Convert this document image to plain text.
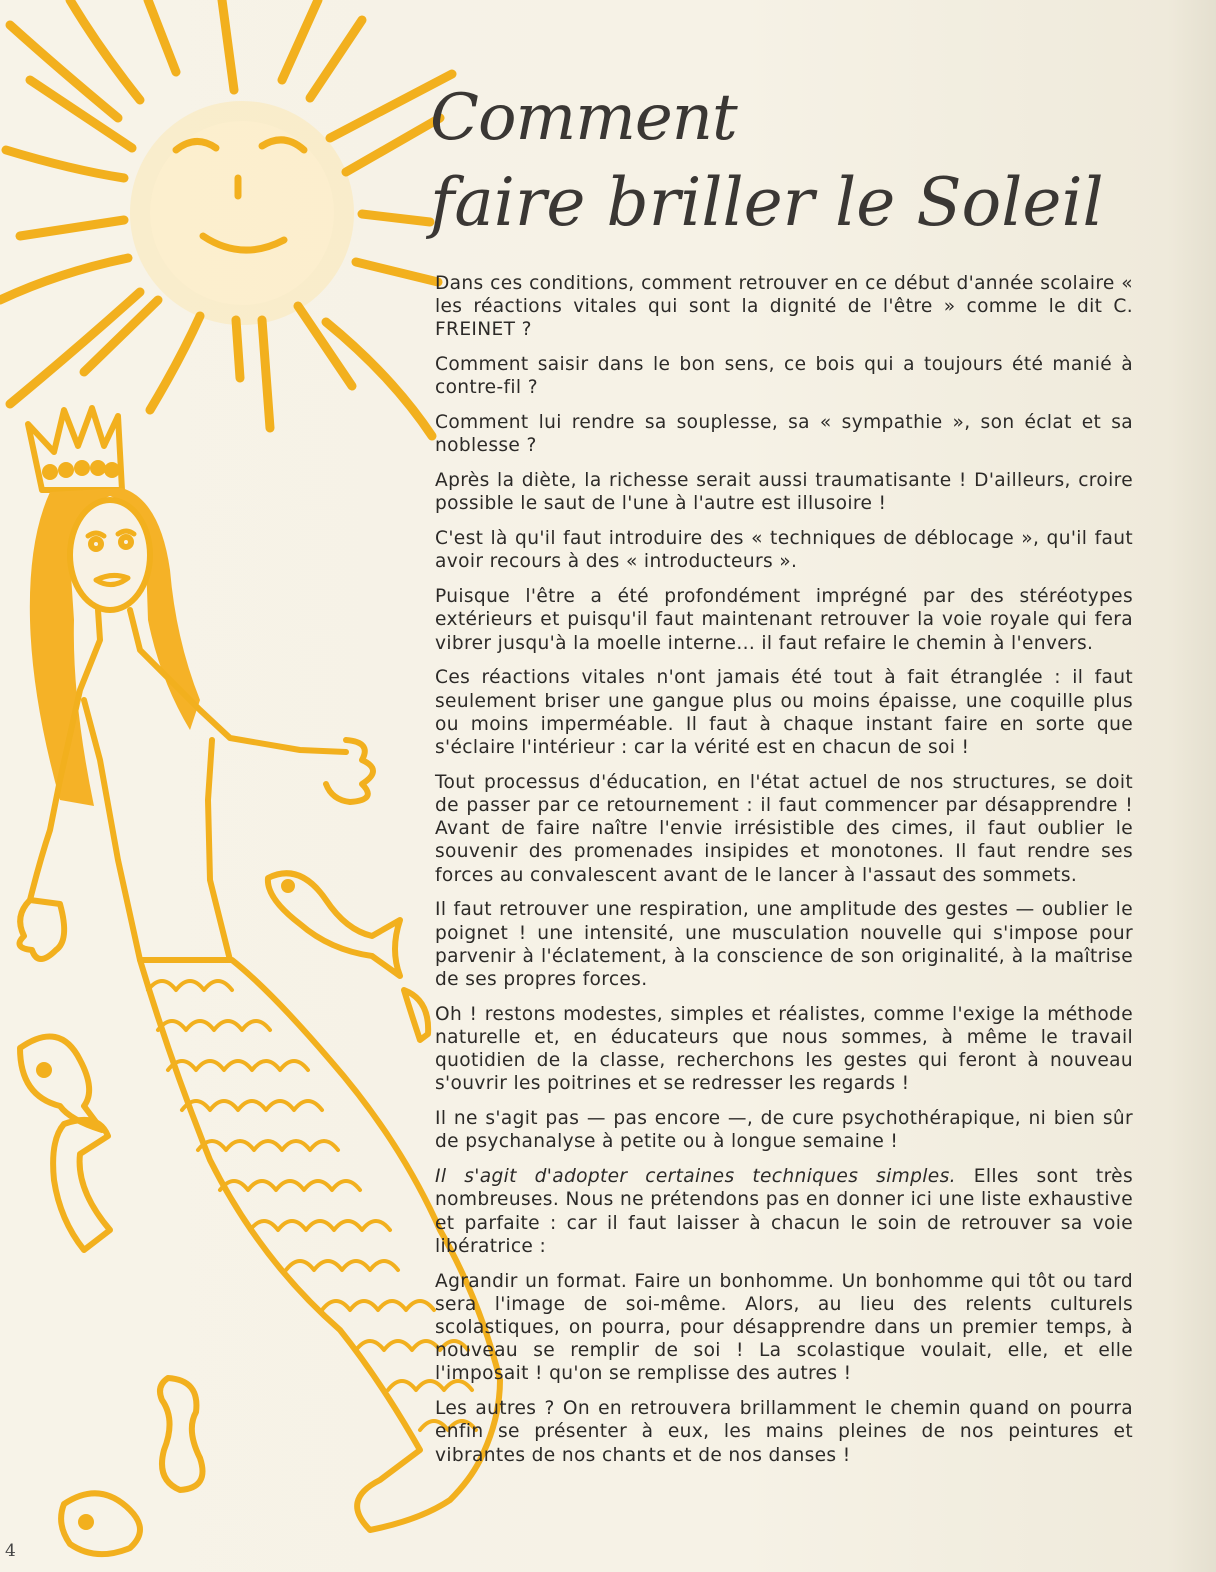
Comment
faire briller le Soleil

Dans ces conditions, comment retrouver en ce début d'année scolaire « les réactions vitales qui sont la dignité de l'être » comme le dit C. FREINET ?

Comment saisir dans le bon sens, ce bois qui a toujours été manié à contre-fil ?

Comment lui rendre sa souplesse, sa « sympathie », son éclat et sa noblesse ?

Après la diète, la richesse serait aussi traumatisante ! D'ailleurs, croire possible le saut de l'une à l'autre est illusoire !

C'est là qu'il faut introduire des « techniques de déblocage », qu'il faut avoir recours à des « introducteurs ».

Puisque l'être a été profondément imprégné par des stéréotypes extérieurs et puisqu'il faut maintenant retrouver la voie royale qui fera vibrer jusqu'à la moelle interne... il faut refaire le chemin à l'envers.

Ces réactions vitales n'ont jamais été tout à fait étranglée : il faut seulement briser une gangue plus ou moins épaisse, une coquille plus ou moins imperméable. Il faut à chaque instant faire en sorte que s'éclaire l'intérieur : car la vérité est en chacun de soi !

Tout processus d'éducation, en l'état actuel de nos structures, se doit de passer par ce retournement : il faut commencer par désapprendre ! Avant de faire naître l'envie irrésistible des cimes, il faut oublier le souvenir des promenades insipides et monotones. Il faut rendre ses forces au convalescent avant de le lancer à l'assaut des sommets.

Il faut retrouver une respiration, une amplitude des gestes — oublier le poignet ! une intensité, une musculation nouvelle qui s'impose pour parvenir à l'éclatement, à la conscience de son originalité, à la maîtrise de ses propres forces.

Oh ! restons modestes, simples et réalistes, comme l'exige la méthode naturelle et, en éducateurs que nous sommes, à même le travail quotidien de la classe, recherchons les gestes qui feront à nouveau s'ouvrir les poitrines et se redresser les regards !

Il ne s'agit pas — pas encore —, de cure psychothérapique, ni bien sûr de psychanalyse à petite ou à longue semaine !

Il s'agit d'adopter certaines techniques simples. Elles sont très nombreuses. Nous ne prétendons pas en donner ici une liste exhaustive et parfaite : car il faut laisser à chacun le soin de retrouver sa voie libératrice :

Agrandir un format. Faire un bonhomme. Un bonhomme qui tôt ou tard sera l'image de soi-même. Alors, au lieu des relents culturels scolastiques, on pourra, pour désapprendre dans un premier temps, à nouveau se remplir de soi ! La scolastique voulait, elle, et elle l'imposait ! qu'on se remplisse des autres !

Les autres ? On en retrouvera brillamment le chemin quand on pourra enfin se présenter à eux, les mains pleines de nos peintures et vibrantes de nos chants et de nos danses !

4
